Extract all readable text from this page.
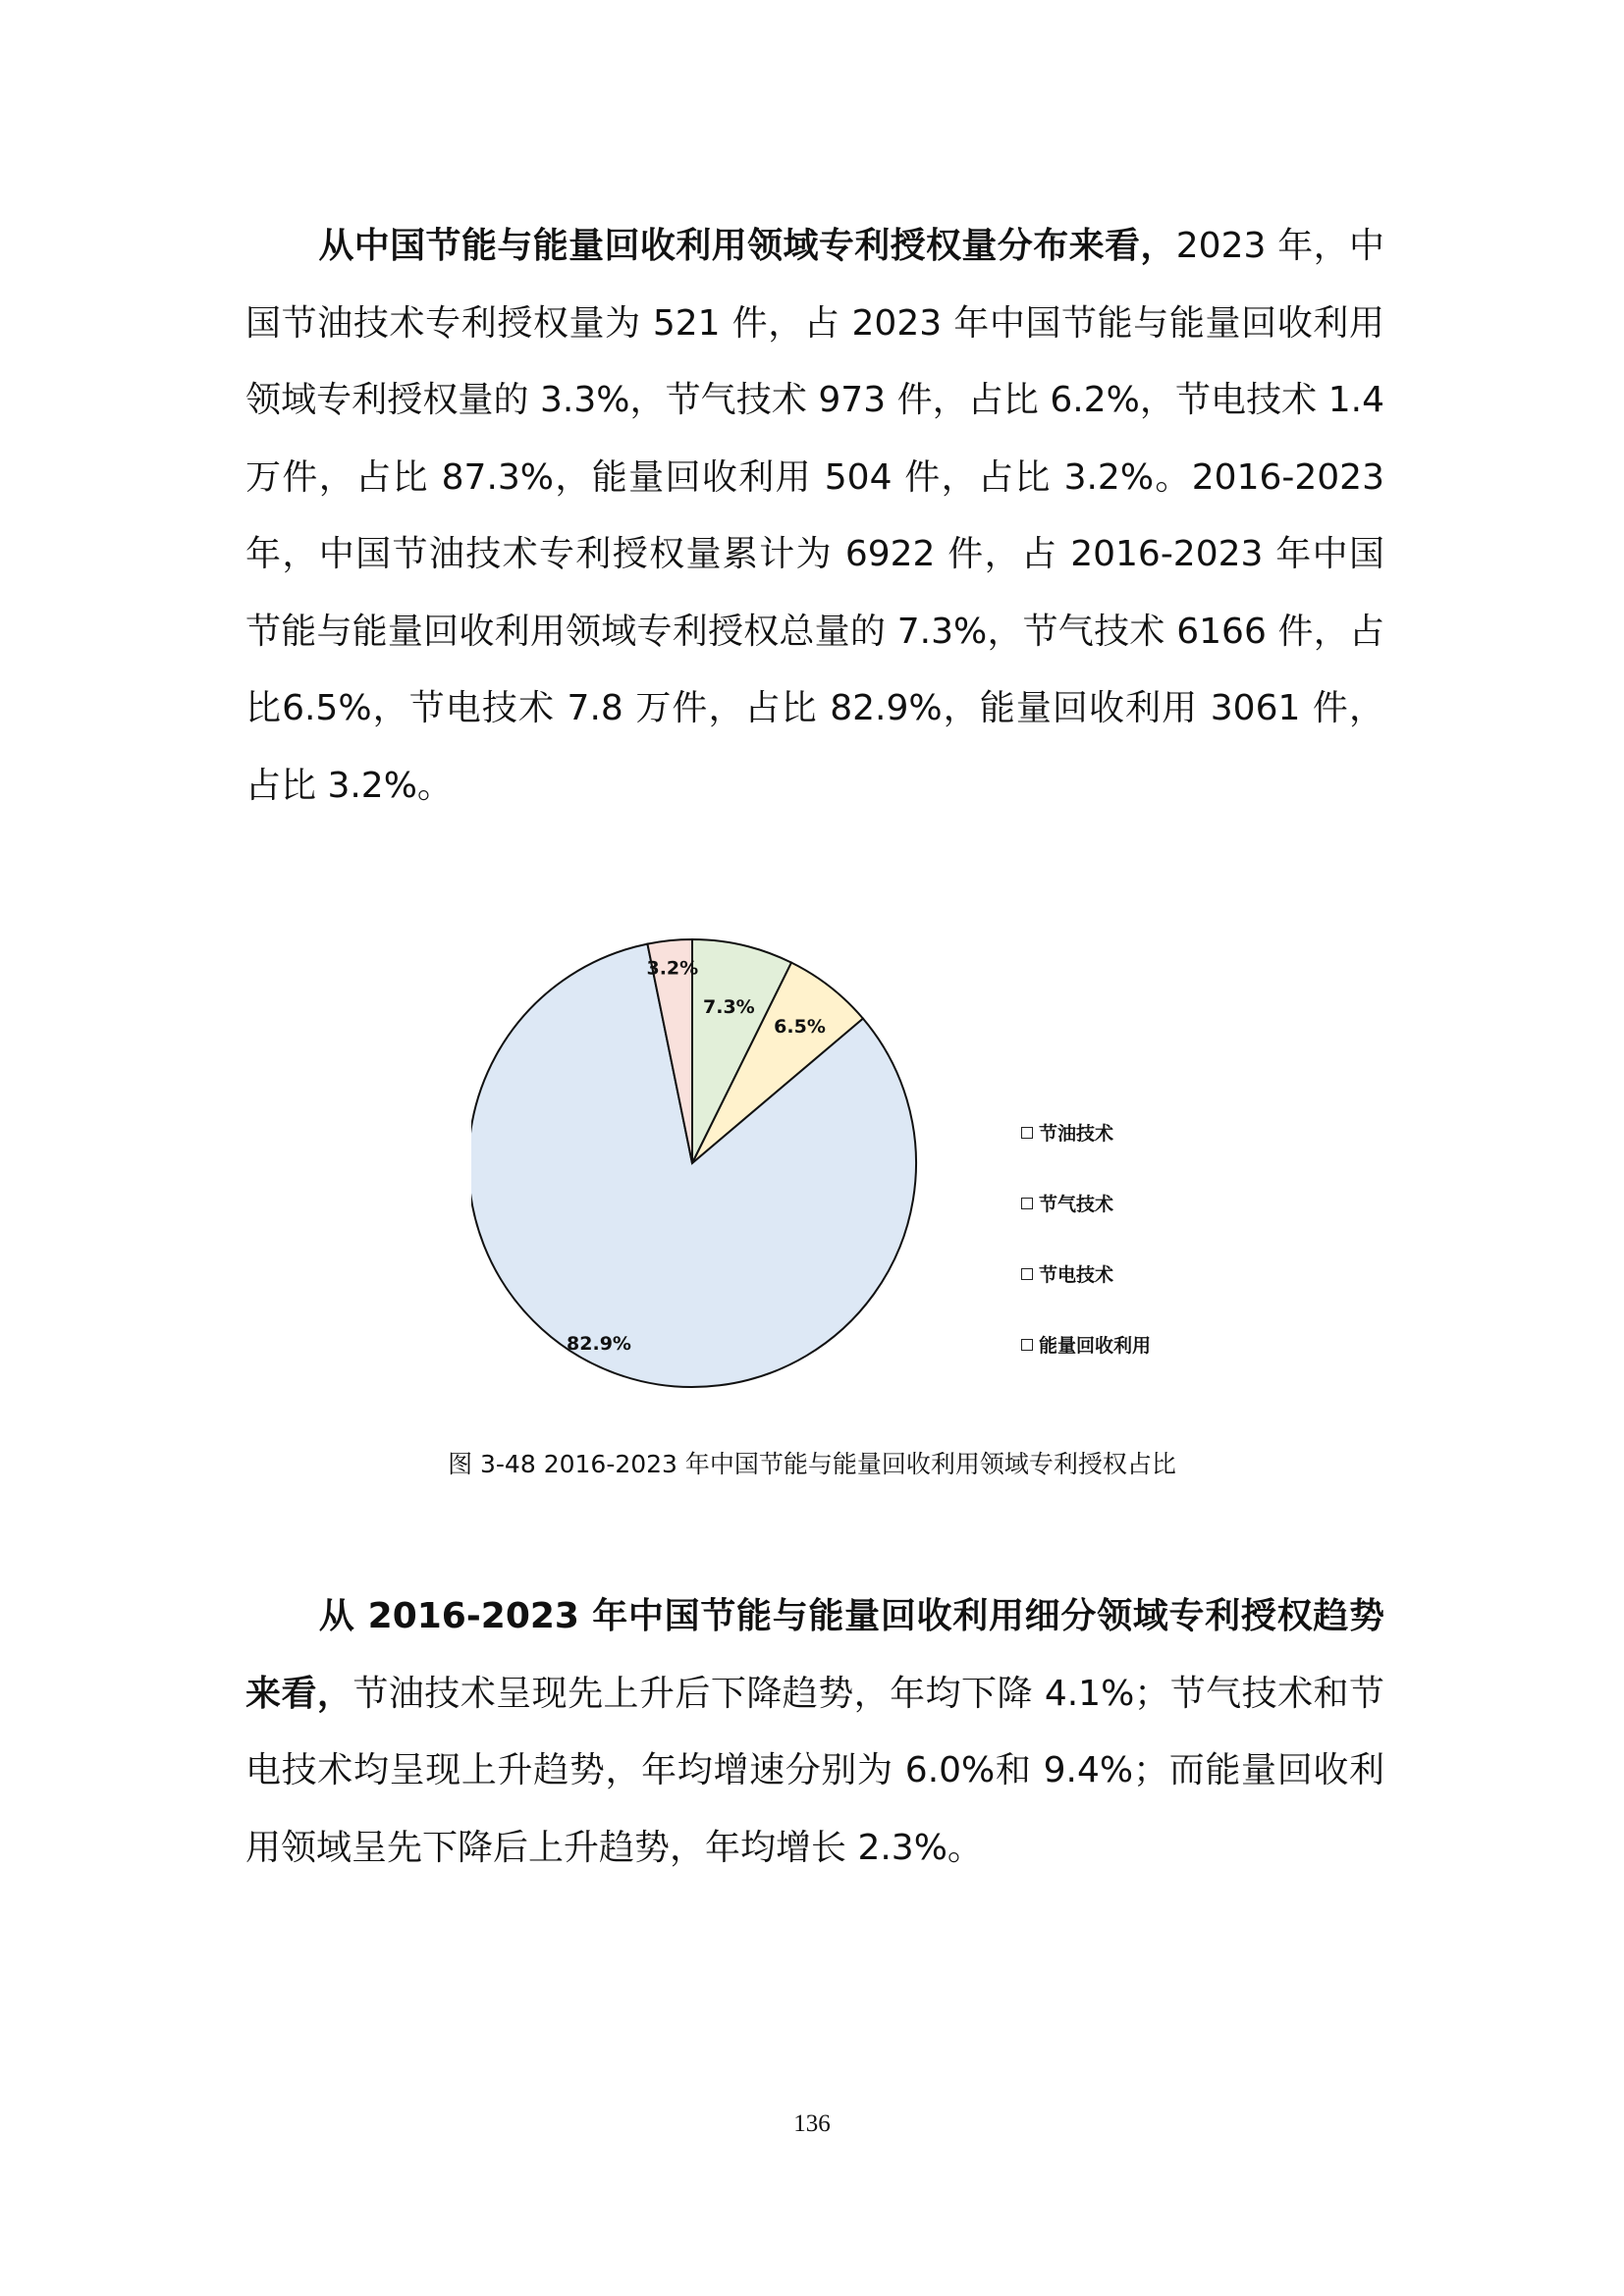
从中国节能与能量回收利用领域专利授权量分布来看，2023 年，中国节油技术专利授权量为 521 件，占 2023 年中国节能与能量回收利用领域专利授权量的 3.3%，节气技术 973 件，占比 6.2%，节电技术 1.4 万件，占比 87.3%，能量回收利用 504 件，占比 3.2%。2016-2023 年，中国节油技术专利授权量累计为 6922 件，占 2016-2023 年中国节能与能量回收利用领域专利授权总量的 7.3%，节气技术 6166 件，占比6.5%，节电技术 7.8 万件，占比 82.9%，能量回收利用 3061 件，占比 3.2%。

7.3%
6.5%
82.9%
3.2%
节油技术
节气技术
节电技术
能量回收利用
图 3-48 2016-2023 年中国节能与能量回收利用领域专利授权占比

从 2016-2023 年中国节能与能量回收利用细分领域专利授权趋势来看，节油技术呈现先上升后下降趋势，年均下降 4.1%；节气技术和节电技术均呈现上升趋势，年均增速分别为 6.0%和 9.4%；而能量回收利用领域呈先下降后上升趋势，年均增长 2.3%。

136
